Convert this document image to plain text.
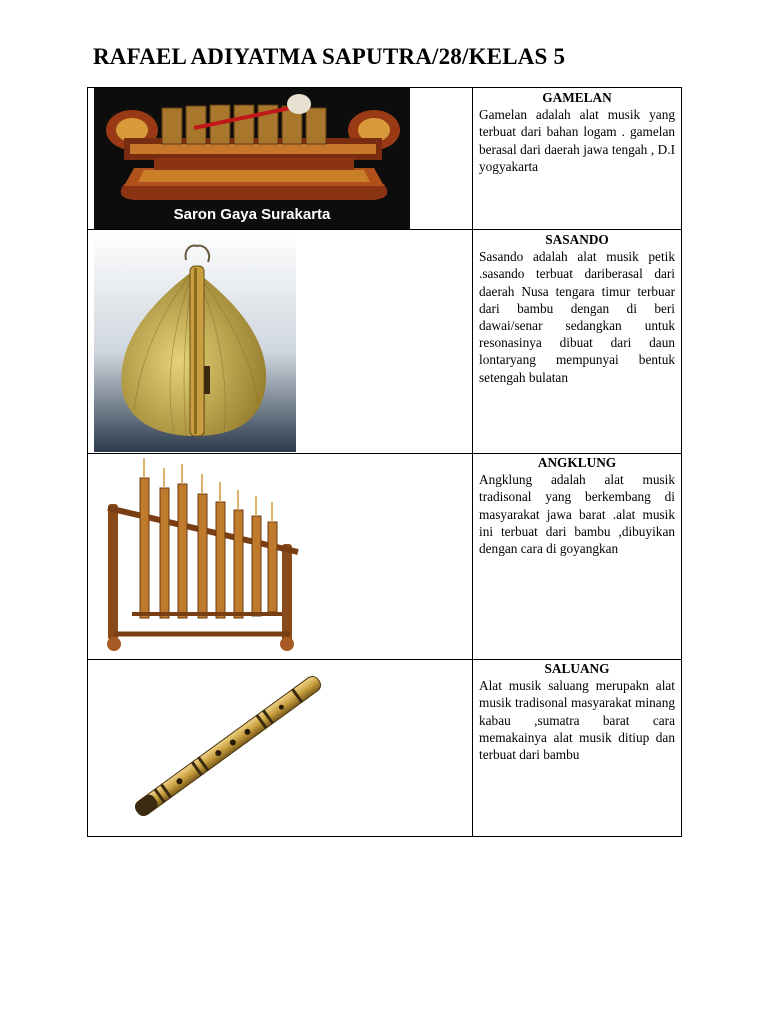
RAFAEL ADIYATMA SAPUTRA/28/KELAS 5
Saron Gaya Surakarta
GAMELAN
Gamelan adalah alat musik yang terbuat dari bahan logam . gamelan berasal dari daerah jawa tengah , D.I yogyakarta
SASANDO
Sasando adalah alat musik petik .sasando terbuat dariberasal dari daerah Nusa tengara timur terbuar dari bambu dengan di beri dawai/senar sedangkan untuk resonasinya dibuat dari daun lontaryang mempunyai bentuk setengah bulatan
ANGKLUNG
Angklung adalah alat musik tradisonal yang berkembang di masyarakat jawa barat .alat musik ini terbuat dari bambu ,dibuyikan dengan cara di goyangkan
SALUANG
Alat musik saluang merupakn alat musik tradisonal masyarakat minang kabau ,sumatra barat cara memakainya alat musik ditiup dan terbuat dari bambu
